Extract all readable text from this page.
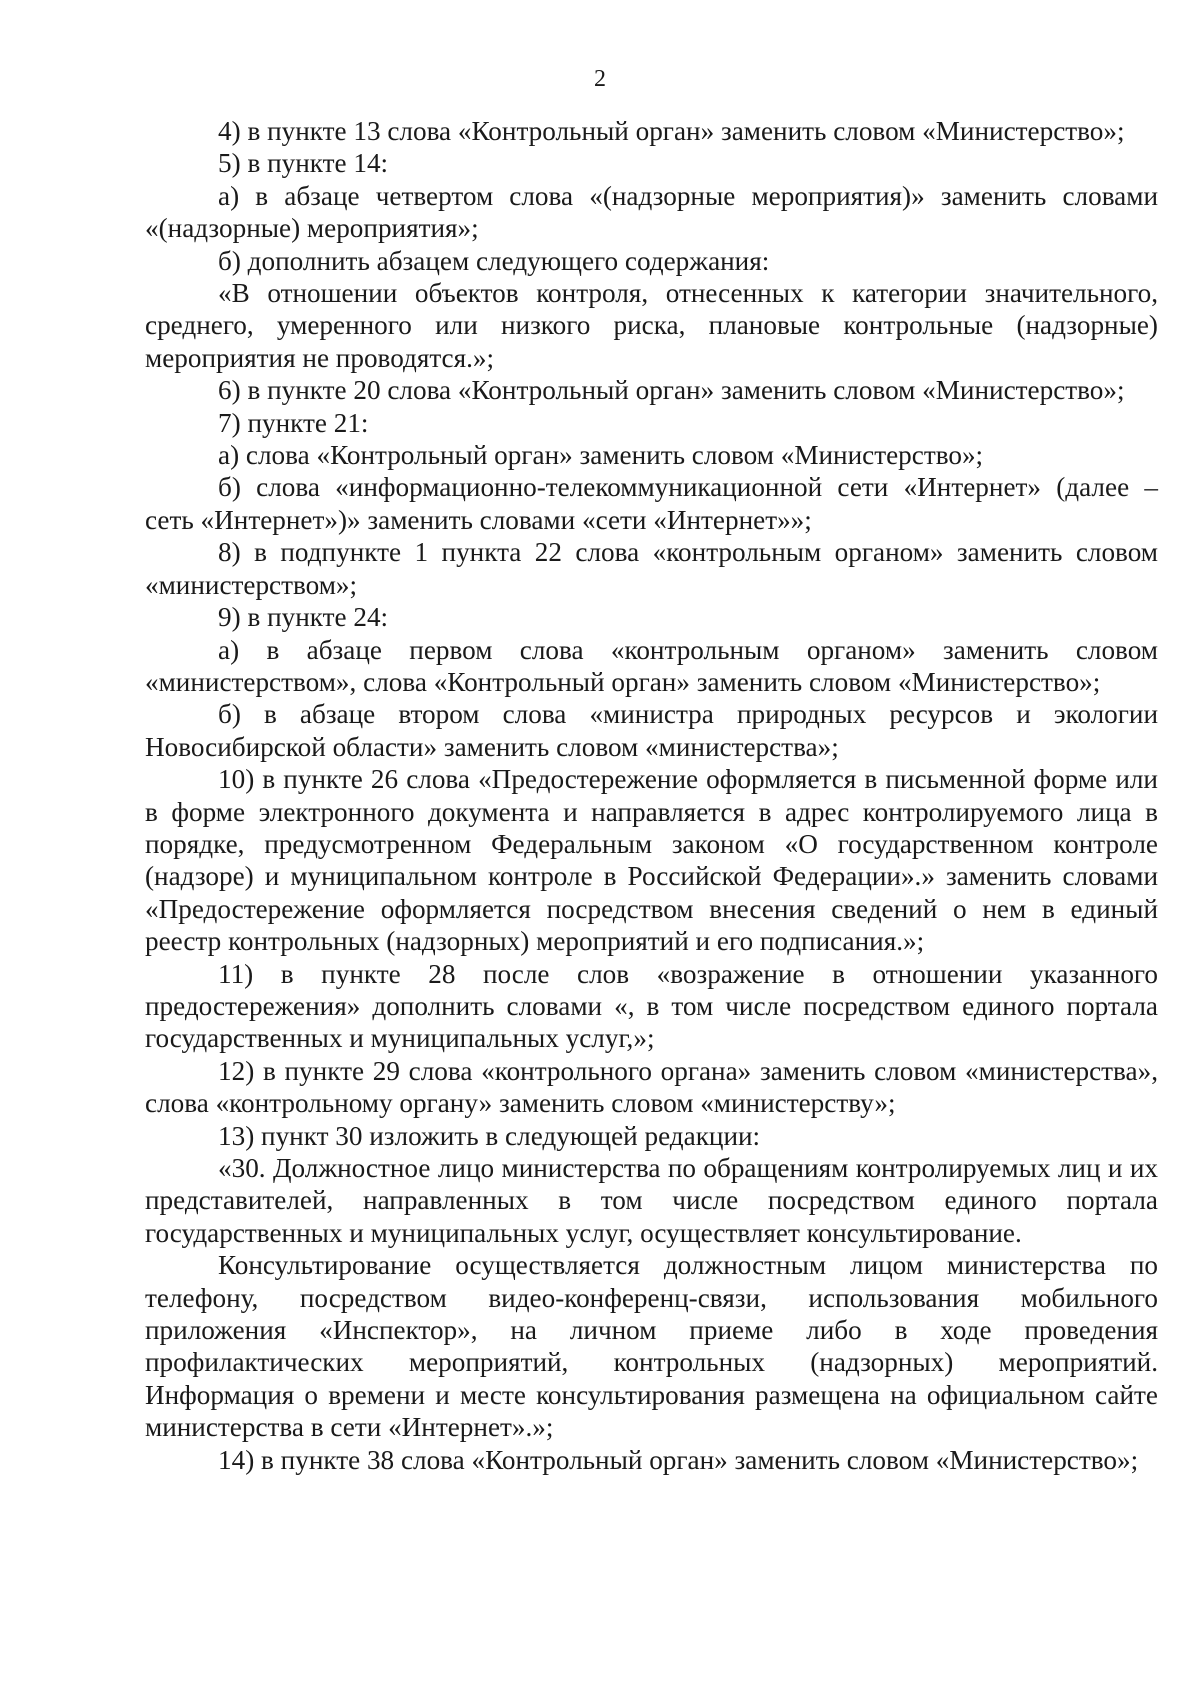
2

4) в пункте 13 слова «Контрольный орган» заменить словом «Министерство»;

5) в пункте 14:

а) в абзаце четвертом слова «(надзорные мероприятия)» заменить словами «(надзорные) мероприятия»;

б) дополнить абзацем следующего содержания:

«В отношении объектов контроля, отнесенных к категории значительного, среднего, умеренного или низкого риска, плановые контрольные (надзорные) мероприятия не проводятся.»;

6) в пункте 20 слова «Контрольный орган» заменить словом «Министерство»;

7) пункте 21:

а) слова «Контрольный орган» заменить словом «Министерство»;

б) слова «информационно-телекоммуникационной сети «Интернет» (далее – сеть «Интернет»)» заменить словами «сети «Интернет»»;

8) в подпункте 1 пункта 22 слова «контрольным органом» заменить словом «министерством»;

9) в пункте 24:

а) в абзаце первом слова «контрольным органом» заменить словом «министерством», слова «Контрольный орган» заменить словом «Министерство»;

б) в абзаце втором слова «министра природных ресурсов и экологии Новосибирской области» заменить словом «министерства»;

10) в пункте 26 слова «Предостережение оформляется в письменной форме или в форме электронного документа и направляется в адрес контролируемого лица в порядке, предусмотренном Федеральным законом «О государственном контроле (надзоре) и муниципальном контроле в Российской Федерации».» заменить словами «Предостережение оформляется посредством внесения сведений о нем в единый реестр контрольных (надзорных) мероприятий и его подписания.»;

11) в пункте 28 после слов «возражение в отношении указанного предостережения» дополнить словами «, в том числе посредством единого портала государственных и муниципальных услуг,»;

12) в пункте 29 слова «контрольного органа» заменить словом «министерства», слова «контрольному органу» заменить словом «министерству»;

13) пункт 30 изложить в следующей редакции:

«30. Должностное лицо министерства по обращениям контролируемых лиц и их представителей, направленных в том числе посредством единого портала государственных и муниципальных услуг, осуществляет консультирование.

Консультирование осуществляется должностным лицом министерства по телефону, посредством видео-конференц-связи, использования мобильного приложения «Инспектор», на личном приеме либо в ходе проведения профилактических мероприятий, контрольных (надзорных) мероприятий. Информация о времени и месте консультирования размещена на официальном сайте министерства в сети «Интернет».»;

14) в пункте 38 слова «Контрольный орган» заменить словом «Министерство»;
